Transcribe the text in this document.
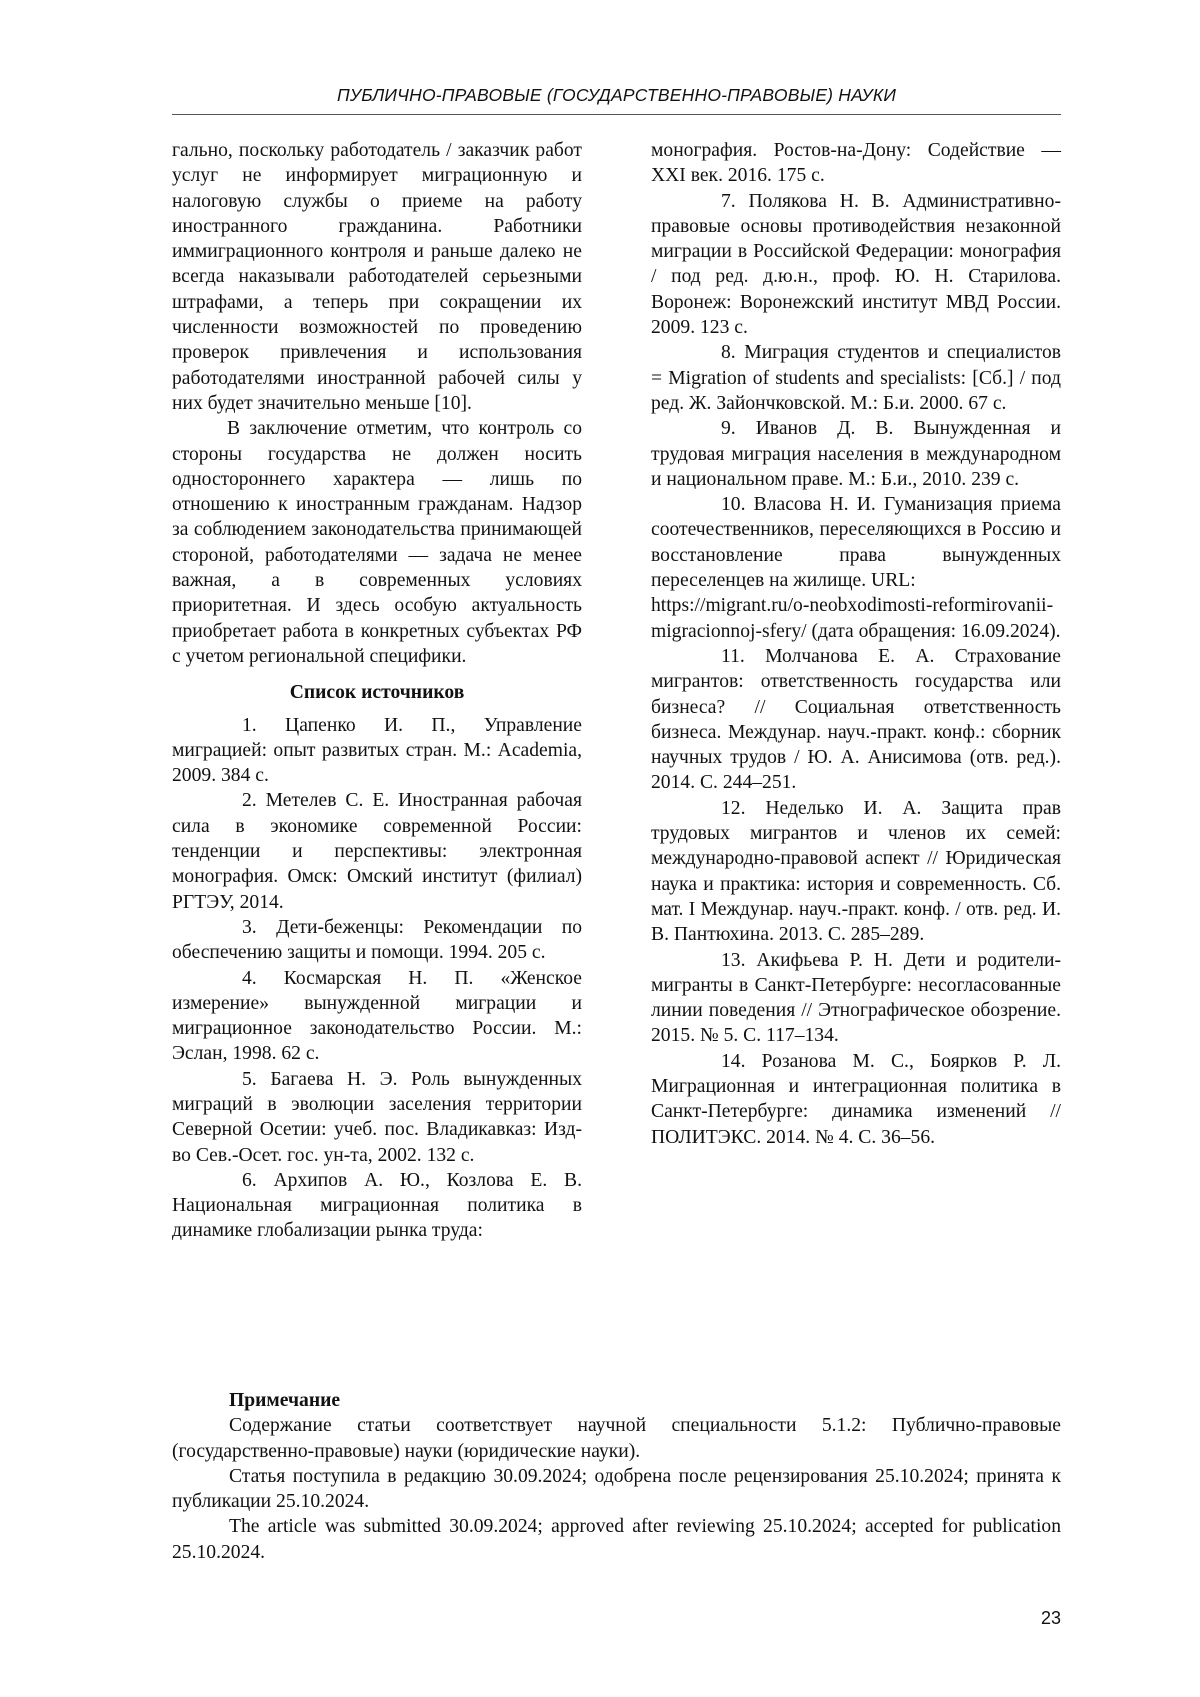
ПУБЛИЧНО-ПРАВОВЫЕ (ГОСУДАРСТВЕННО-ПРАВОВЫЕ) НАУКИ

гально, поскольку работодатель / заказчик работ услуг не информирует миграционную и налоговую службы о приеме на работу иностранного гражданина. Работники иммиграционного контроля и раньше далеко не всегда наказывали работодателей серьезными штрафами, а теперь при сокращении их численности возможностей по проведению проверок привлечения и использования работодателями иностранной рабочей силы у них будет значительно меньше [10].

В заключение отметим, что контроль со стороны государства не должен носить одностороннего характера — лишь по отношению к иностранным гражданам. Надзор за соблюдением законодательства принимающей стороной, работодателями — задача не менее важная, а в современных условиях приоритетная. И здесь особую актуальность приобретает работа в конкретных субъектах РФ с учетом региональной специфики.

Список источников

1. Цапенко И. П., Управление миграцией: опыт развитых стран. М.: Academia, 2009. 384 с.

2. Метелев С. Е. Иностранная рабочая сила в экономике современной России: тенденции и перспективы: электронная монография. Омск: Омский институт (филиал) РГТЭУ, 2014.

3. Дети-беженцы: Рекомендации по обеспечению защиты и помощи. 1994. 205 с.

4. Космарская Н. П. «Женское измерение» вынужденной миграции и миграционное законодательство России. М.: Эслан, 1998. 62 с.

5. Багаева Н. Э. Роль вынужденных миграций в эволюции заселения территории Северной Осетии: учеб. пос. Владикавказ: Изд-во Сев.-Осет. гос. ун-та, 2002. 132 с.

6. Архипов А. Ю., Козлова Е. В. Национальная миграционная политика в динамике глобализации рынка труда:

монография. Ростов-на-Дону: Содействие — XXI век. 2016. 175 с.

7. Полякова Н. В. Административно-правовые основы противодействия незаконной миграции в Российской Федерации: монография / под ред. д.ю.н., проф. Ю. Н. Старилова. Воронеж: Воронежский институт МВД России. 2009. 123 с.

8. Миграция студентов и специалистов = Migration of students and specialists: [Сб.] / под ред. Ж. Зайончковской. М.: Б.и. 2000. 67 с.

9. Иванов Д. В. Вынужденная и трудовая миграция населения в международном и национальном праве. М.: Б.и., 2010. 239 с.

10. Власова Н. И. Гуманизация приема соотечественников, переселяющихся в Россию и восстановление права вынужденных переселенцев на жилище. URL:

https://migrant.ru/o-neobxodimosti-reformirovanii-migracionnoj-sfery/ (дата обращения: 16.09.2024).

11. Молчанова Е. А. Страхование мигрантов: ответственность государства или бизнеса? // Социальная ответственность бизнеса. Междунар. науч.-практ. конф.: сборник научных трудов / Ю. А. Анисимова (отв. ред.). 2014. С. 244–251.

12. Неделько И. А. Защита прав трудовых мигрантов и членов их семей: международно-правовой аспект // Юридическая наука и практика: история и современность. Сб. мат. I Междунар. науч.-практ. конф. / отв. ред. И. В. Пантюхина. 2013. С. 285–289.

13. Акифьева Р. Н. Дети и родители-мигранты в Санкт-Петербурге: несогласованные линии поведения // Этнографическое обозрение. 2015. № 5. С. 117–134.

14. Розанова М. С., Боярков Р. Л. Миграционная и интеграционная политика в Санкт-Петербурге: динамика изменений // ПОЛИТЭКС. 2014. № 4. С. 36–56.

Примечание

Содержание статьи соответствует научной специальности 5.1.2: Публично-правовые (государственно-правовые) науки (юридические науки).

Статья поступила в редакцию 30.09.2024; одобрена после рецензирования 25.10.2024; принята к публикации 25.10.2024.

The article was submitted 30.09.2024; approved after reviewing 25.10.2024; accepted for publication 25.10.2024.

23
